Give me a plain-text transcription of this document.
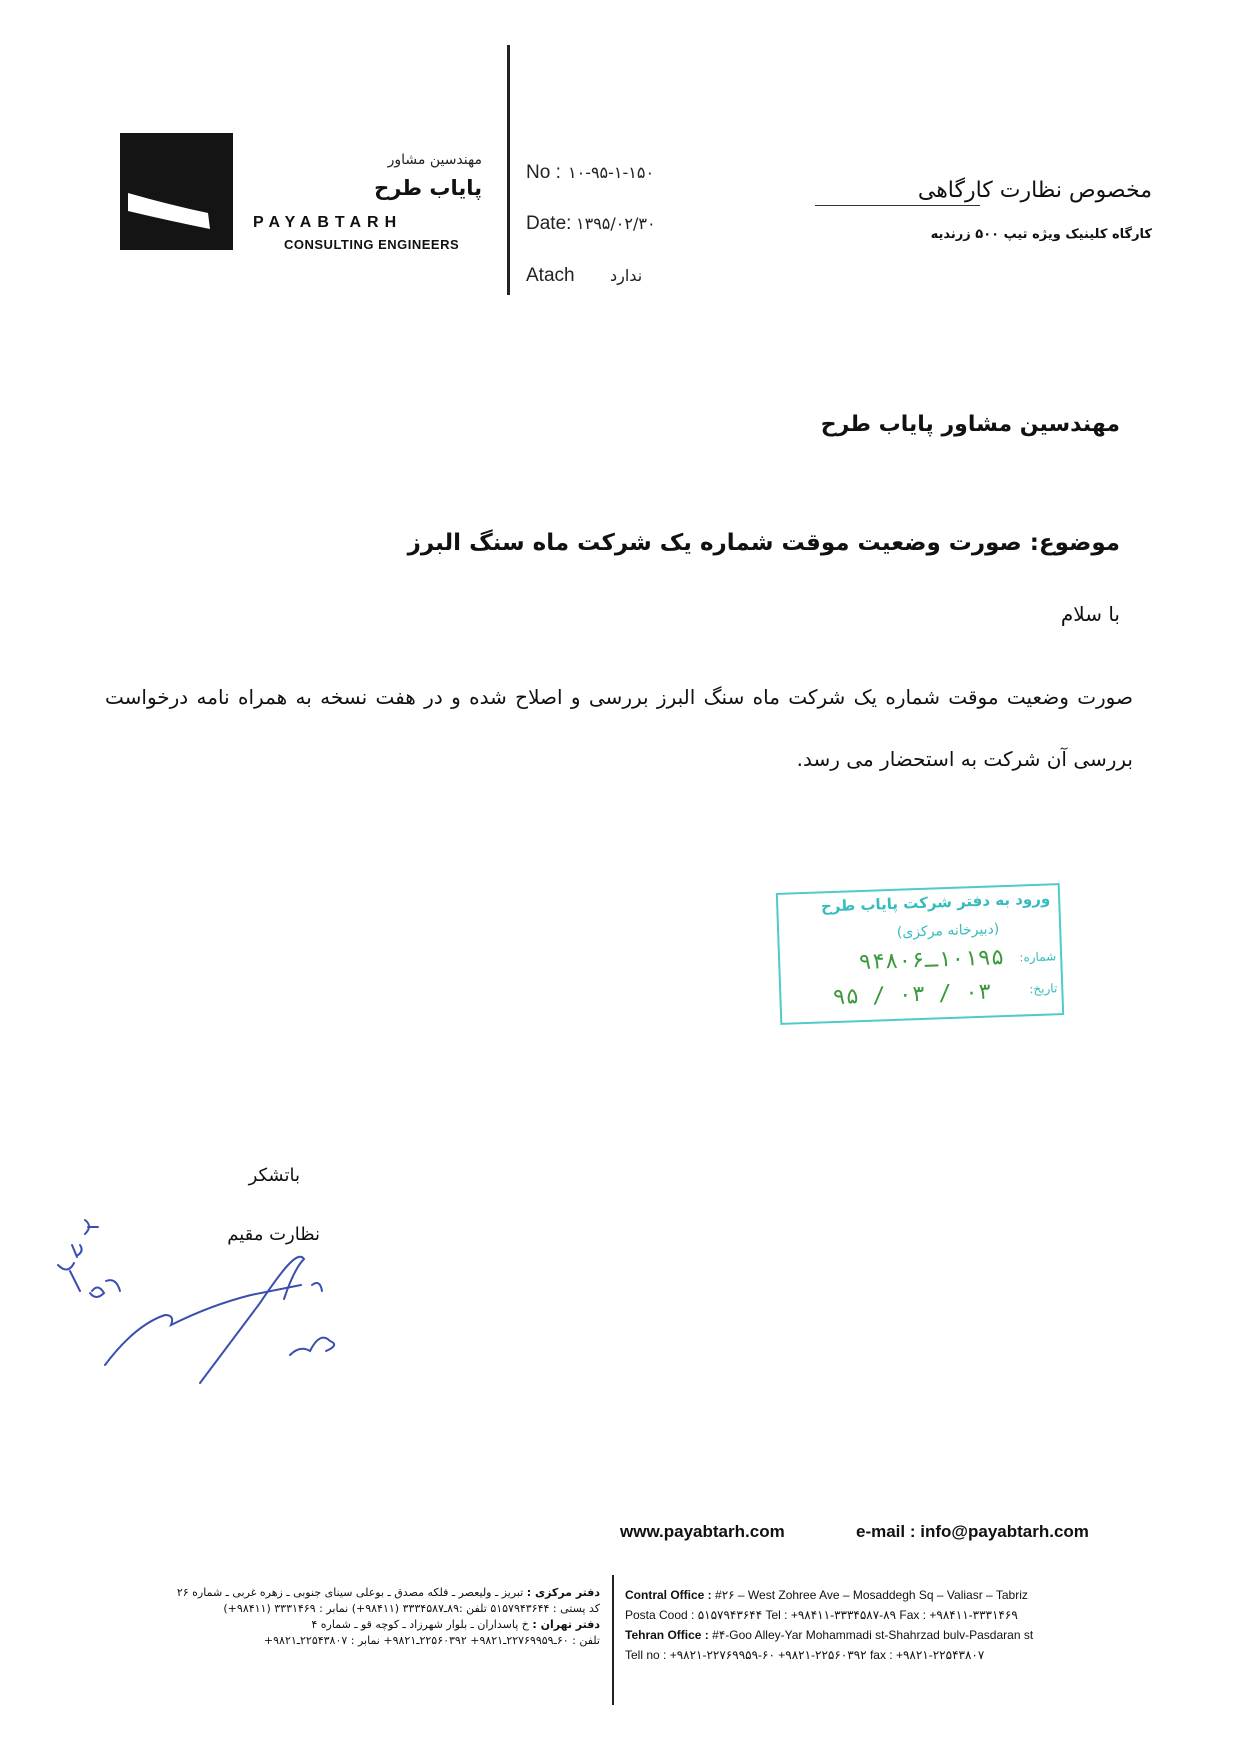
مهندسین مشاور
پایاب طرح
PAYABTARH
CONSULTING ENGINEERS
No : ۱۰-۹۵-۱-۱۵۰
Date: ۱۳۹۵/۰۲/۳۰
Atach ندارد
مخصوص نظارت کارگاهی
کارگاه کلینیک ویژه تیپ ۵۰۰ زرندیه
مهندسین مشاور پایاب طرح
موضوع: صورت وضعیت موقت شماره یک شرکت ماه سنگ البرز
با سلام
صورت وضعیت موقت شماره یک شرکت ماه سنگ البرز بررسی و اصلاح شده و در هفت نسخه به همراه نامه درخواست بررسی آن شرکت به استحضار می رسد.
ورود به دفتر شرکت پایاب طرح
(دبیرخانه مرکزی)
شماره:
۱۰۱۹۵ـ۹۴۸۰۶
تاریخ:
۹۵ / ۰۳ / ۰۳
باتشکر
نظارت مقیم
www.payabtarh.com	e-mail : info@payabtarh.com
دفتر مرکزی : تبریز ـ ولیعصر ـ فلکه مصدق ـ بوعلی سینای جنوبی ـ زهره غربی ـ شماره ۲۶
کد پستی : ۵۱۵۷۹۴۳۶۴۴ تلفن :۸۹ـ۳۳۳۴۵۸۷ (۹۸۴۱۱+) نمابر : ۳۳۳۱۴۶۹ (۹۸۴۱۱+)
دفتر تهران : خ پاسداران ـ بلوار شهرزاد ـ کوچه قو ـ شماره ۴
تلفن : ۶۰ـ۲۲۷۶۹۹۵۹ـ۹۸۲۱+ ۲۲۵۶۰۳۹۲ـ۹۸۲۱+ نمابر : ۲۲۵۴۳۸۰۷ـ۹۸۲۱+
Contral Office : #۲۶ – West Zohree Ave – Mosaddegh Sq – Valiasr – Tabriz
Posta Cood : ۵۱۵۷۹۴۳۶۴۴ Tel : +۹۸۴۱۱-۳۳۳۴۵۸۷-۸۹ Fax : +۹۸۴۱۱-۳۳۳۱۴۶۹
Tehran Office : #۴-Goo Alley-Yar Mohammadi st-Shahrzad bulv-Pasdaran st
Tell no : +۹۸۲۱-۲۲۷۶۹۹۵۹-۶۰ +۹۸۲۱-۲۲۵۶۰۳۹۲ fax : +۹۸۲۱-۲۲۵۴۳۸۰۷
